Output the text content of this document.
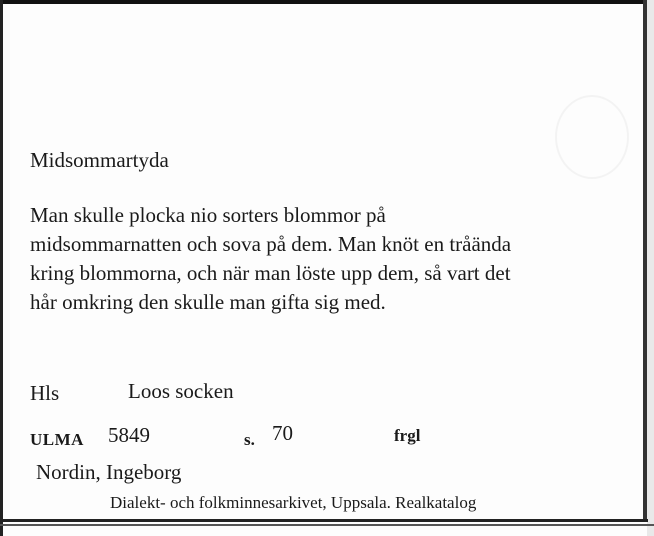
Midsommartyda
Man skulle plocka nio sorters blommor på
midsommarnatten och sova på dem. Man knöt en tråända
kring blommorna, och när man löste upp dem, så vart det
hår omkring den skulle man gifta sig med.
Hls	Loos socken
ULMA 5849	s. 70	frgl
Nordin, Ingeborg
Dialekt- och folkminnesarkivet, Uppsala. Realkatalog
